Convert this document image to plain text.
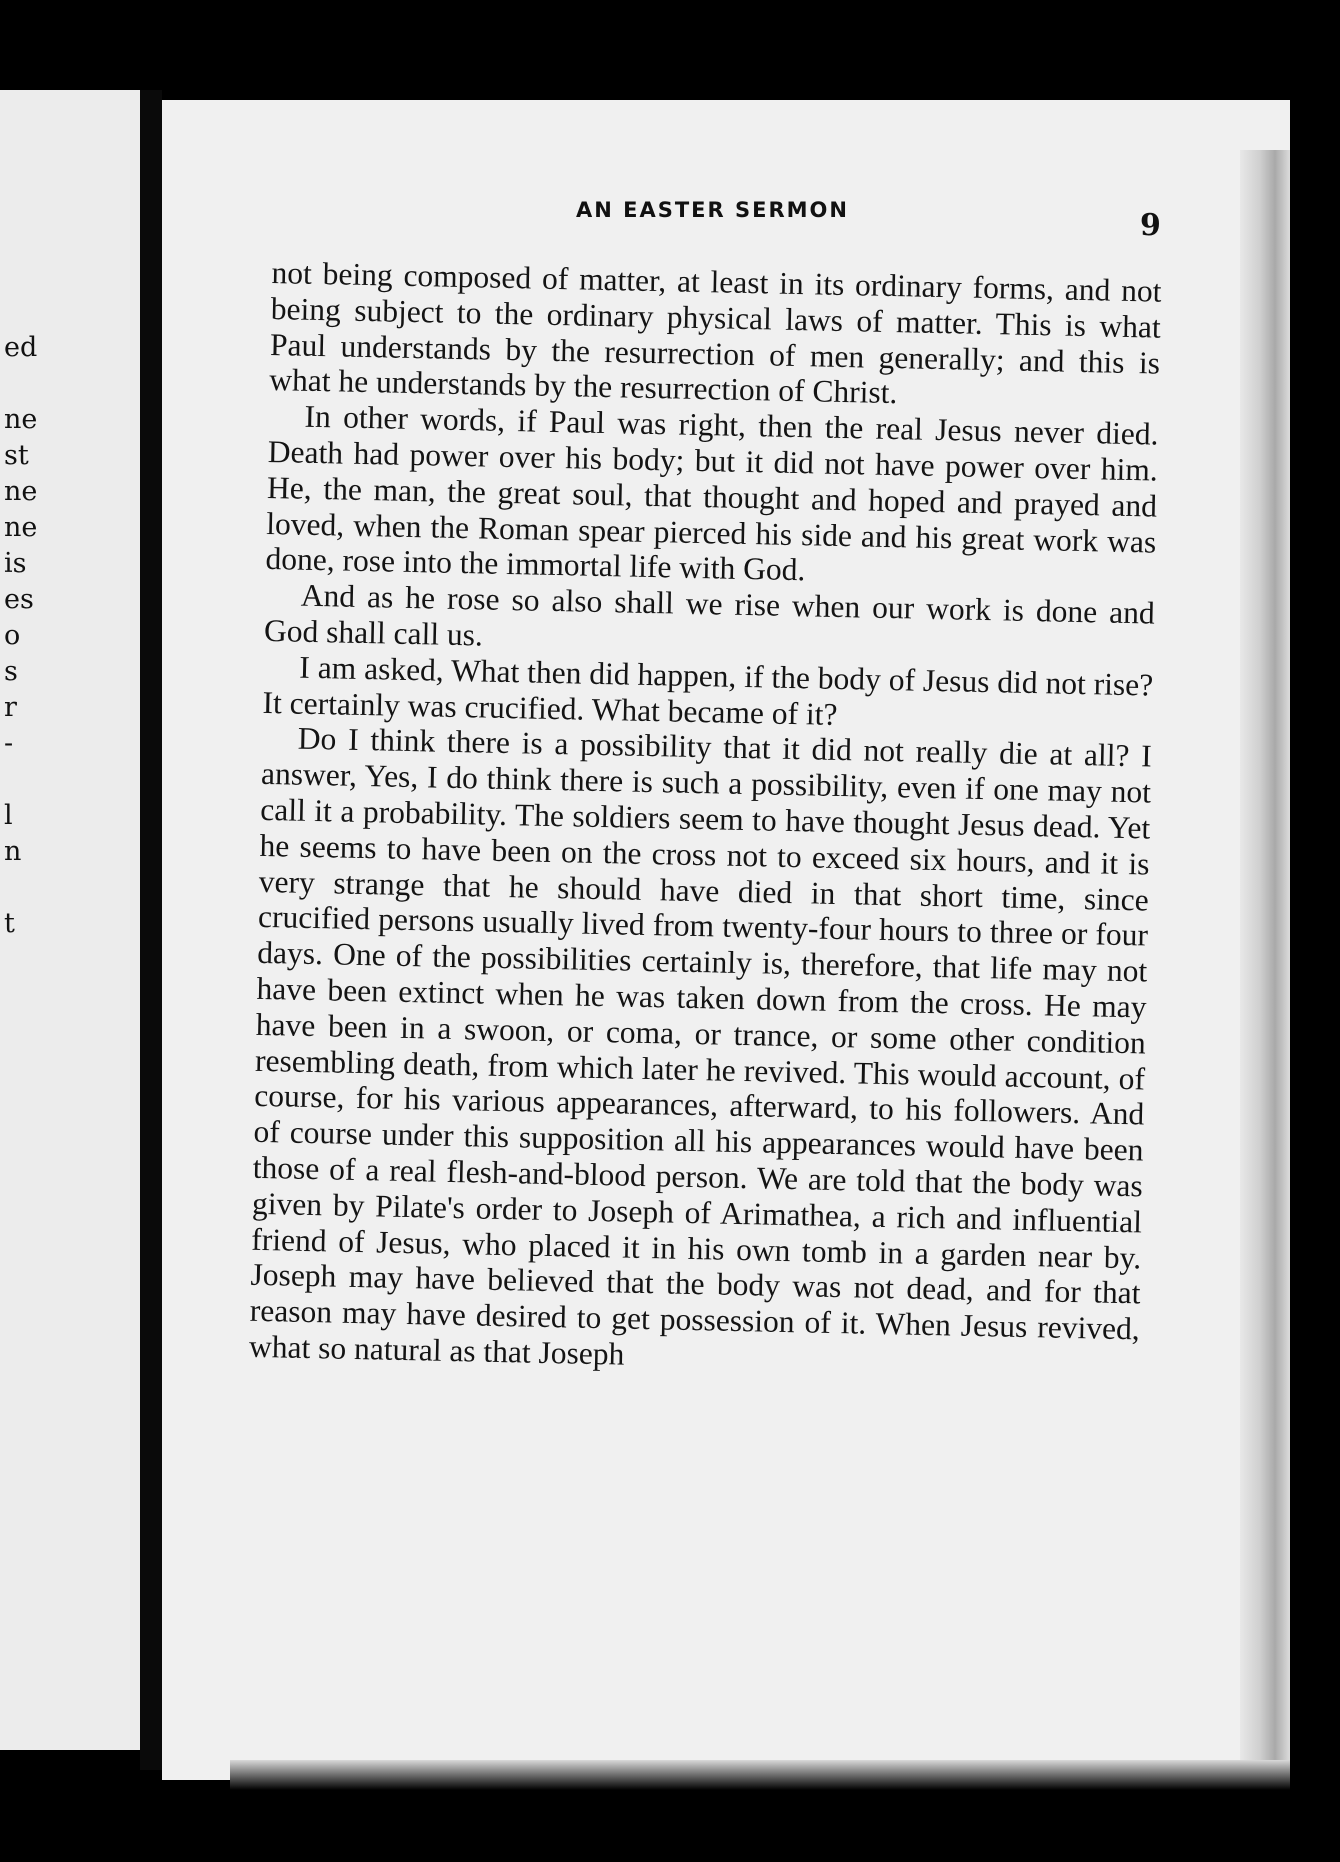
ed
ne
st
ne
ne
is
es
o
s
r
-
l
n
t
AN EASTER SERMON	9

not being composed of matter, at least in its ordinary forms, and not being subject to the ordinary physical laws of matter. This is what Paul understands by the resurrection of men generally; and this is what he understands by the resurrection of Christ.

In other words, if Paul was right, then the real Jesus never died. Death had power over his body; but it did not have power over him. He, the man, the great soul, that thought and hoped and prayed and loved, when the Roman spear pierced his side and his great work was done, rose into the immortal life with God.

And as he rose so also shall we rise when our work is done and God shall call us.

I am asked, What then did happen, if the body of Jesus did not rise? It certainly was crucified. What became of it?

Do I think there is a possibility that it did not really die at all? I answer, Yes, I do think there is such a possibility, even if one may not call it a probability. The soldiers seem to have thought Jesus dead. Yet he seems to have been on the cross not to exceed six hours, and it is very strange that he should have died in that short time, since crucified persons usually lived from twenty-four hours to three or four days. One of the possibilities certainly is, therefore, that life may not have been extinct when he was taken down from the cross. He may have been in a swoon, or coma, or trance, or some other condition resembling death, from which later he revived. This would account, of course, for his various appearances, afterward, to his followers. And of course under this supposition all his appearances would have been those of a real flesh-and-blood person. We are told that the body was given by Pilate's order to Joseph of Arimathea, a rich and influential friend of Jesus, who placed it in his own tomb in a garden near by. Joseph may have believed that the body was not dead, and for that reason may have desired to get possession of it. When Jesus revived, what so natural as that Joseph
